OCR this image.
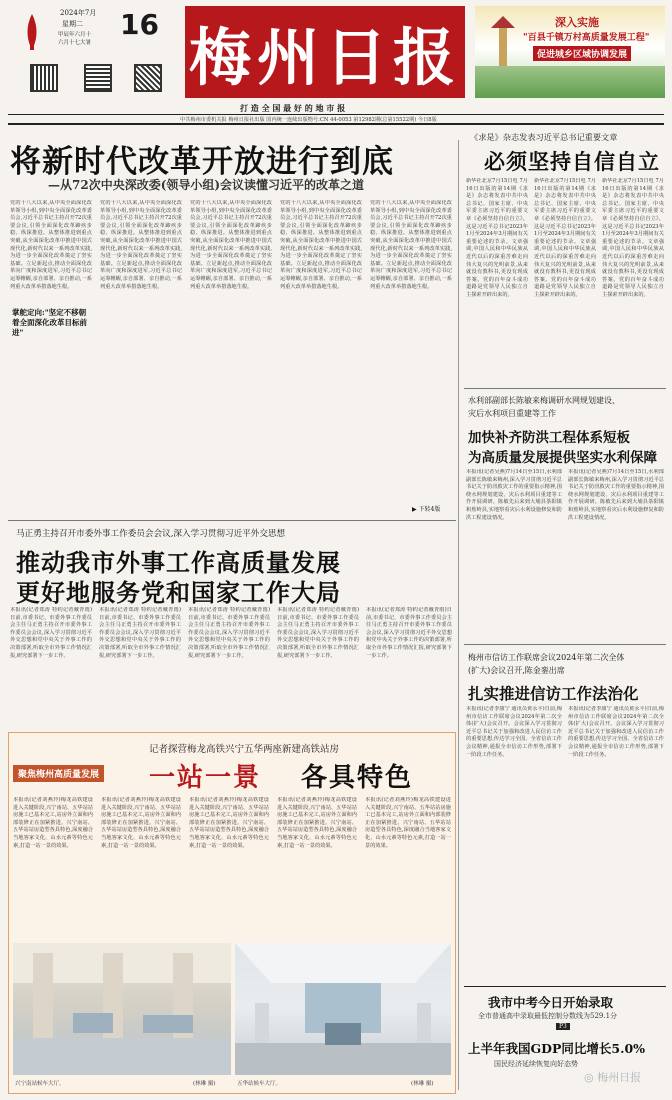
2024年7月
星期二
甲辰年六月十
六月十七大暑
16 梅州日报
打 造 全 国 最 好 的 地 市 报
深入实施
"百县千镇万村高质量发展工程"
促进城乡区域协调发展
中共梅州市委机关报 梅州日报社出版 国内统一连续出版物号:CN 44-0053 第12982期(总第15522期) 今日8版
将新时代改革开放进行到底
—从72次中央深改委(领导小组)会议读懂习近平的改革之道
党的十八大以来,从中央全面深化改革领导小组,到中央全面深化改革委员会,习近平总书记主持召开72次重要会议,引领全面深化改革蹄疾步稳、纵深推进。从整体推进到重点突破,从全面深化改革中推进中国式现代化,新时代以来一系列改革实践,为进一步全面深化改革奠定了坚实基础。立足新起点,推动全面深化改革向广度和深度进军,习近平总书记运筹帷幄,亲自部署、亲自推动,一系列重大改革举措落地生根。
掌舵定向:"坚定不移朝着全面深化改革目标前进"
党的十八大以来,从中央全面深化改革领导小组,到中央全面深化改革委员会,习近平总书记主持召开72次重要会议,引领全面深化改革蹄疾步稳、纵深推进。从整体推进到重点突破,从全面深化改革中推进中国式现代化,新时代以来一系列改革实践,为进一步全面深化改革奠定了坚实基础。立足新起点,推动全面深化改革向广度和深度进军,习近平总书记运筹帷幄,亲自部署、亲自推动,一系列重大改革举措落地生根。
党的十八大以来,从中央全面深化改革领导小组,到中央全面深化改革委员会,习近平总书记主持召开72次重要会议,引领全面深化改革蹄疾步稳、纵深推进。从整体推进到重点突破,从全面深化改革中推进中国式现代化,新时代以来一系列改革实践,为进一步全面深化改革奠定了坚实基础。立足新起点,推动全面深化改革向广度和深度进军,习近平总书记运筹帷幄,亲自部署、亲自推动,一系列重大改革举措落地生根。
党的十八大以来,从中央全面深化改革领导小组,到中央全面深化改革委员会,习近平总书记主持召开72次重要会议,引领全面深化改革蹄疾步稳、纵深推进。从整体推进到重点突破,从全面深化改革中推进中国式现代化,新时代以来一系列改革实践,为进一步全面深化改革奠定了坚实基础。立足新起点,推动全面深化改革向广度和深度进军,习近平总书记运筹帷幄,亲自部署、亲自推动,一系列重大改革举措落地生根。
党的十八大以来,从中央全面深化改革领导小组,到中央全面深化改革委员会,习近平总书记主持召开72次重要会议,引领全面深化改革蹄疾步稳、纵深推进。从整体推进到重点突破,从全面深化改革中推进中国式现代化,新时代以来一系列改革实践,为进一步全面深化改革奠定了坚实基础。立足新起点,推动全面深化改革向广度和深度进军,习近平总书记运筹帷幄,亲自部署、亲自推动,一系列重大改革举措落地生根。
▶ 下转4版
《求是》杂志发表习近平总书记重要文章
必须坚持自信自立
新华社北京7月15日电 7月16日出版的第14期《求是》杂志将发表中共中央总书记、国家主席、中央军委主席习近平的重要文章《必须坚持自信自立》。这是习近平总书记2023年1月至2024年3月期间有关重要论述的节录。文章强调,中国人民和中华民族从近代以后的深重苦难走向伟大复兴的光明前景,从来就没有教科书,更没有现成答案。党的百年奋斗成功道路是党领导人民独立自主探索开辟出来的。
新华社北京7月15日电 7月16日出版的第14期《求是》杂志将发表中共中央总书记、国家主席、中央军委主席习近平的重要文章《必须坚持自信自立》。这是习近平总书记2023年1月至2024年3月期间有关重要论述的节录。文章强调,中国人民和中华民族从近代以后的深重苦难走向伟大复兴的光明前景,从来就没有教科书,更没有现成答案。党的百年奋斗成功道路是党领导人民独立自主探索开辟出来的。
新华社北京7月15日电 7月16日出版的第14期《求是》杂志将发表中共中央总书记、国家主席、中央军委主席习近平的重要文章《必须坚持自信自立》。这是习近平总书记2023年1月至2024年3月期间有关重要论述的节录。文章强调,中国人民和中华民族从近代以后的深重苦难走向伟大复兴的光明前景,从来就没有教科书,更没有现成答案。党的百年奋斗成功道路是党领导人民独立自主探索开辟出来的。
水利部副部长陈敏来梅调研水网规划建设、
灾后水利项目重建等工作
加快补齐防洪工程体系短板
为高质量发展提供坚实水利保障
本报讯(记者吴燕)7月14日至15日,水利部副部长陈敏来梅州,深入学习贯彻习近平总书记关于防汛救灾工作的重要指示精神,围绕水网规划建设、灾后水利项目重建等工作开展调研。陈敏先后来到大埔县茶阳镇和蕉岭县,实地察看灾后水利设施修复和防洪工程建设情况。
本报讯(记者吴燕)7月14日至15日,水利部副部长陈敏来梅州,深入学习贯彻习近平总书记关于防汛救灾工作的重要指示精神,围绕水网规划建设、灾后水利项目重建等工作开展调研。陈敏先后来到大埔县茶阳镇和蕉岭县,实地察看灾后水利设施修复和防洪工程建设情况。
马正勇主持召开市委外事工作委员会会议,深入学习贯彻习近平外交思想
推动我市外事工作高质量发展
更好地服务党和国家工作大局
本报讯(记者郑涛 特约记者戴青雨)日前,市委书记、市委外事工作委员会主任马正勇主持召开市委外事工作委员会会议,深入学习贯彻习近平外交思想和党中央关于外事工作的决策部署,听取全市外事工作情况汇报,研究部署下一步工作。
本报讯(记者郑涛 特约记者戴青雨)日前,市委书记、市委外事工作委员会主任马正勇主持召开市委外事工作委员会会议,深入学习贯彻习近平外交思想和党中央关于外事工作的决策部署,听取全市外事工作情况汇报,研究部署下一步工作。
本报讯(记者郑涛 特约记者戴青雨)日前,市委书记、市委外事工作委员会主任马正勇主持召开市委外事工作委员会会议,深入学习贯彻习近平外交思想和党中央关于外事工作的决策部署,听取全市外事工作情况汇报,研究部署下一步工作。
本报讯(记者郑涛 特约记者戴青雨)日前,市委书记、市委外事工作委员会主任马正勇主持召开市委外事工作委员会会议,深入学习贯彻习近平外交思想和党中央关于外事工作的决策部署,听取全市外事工作情况汇报,研究部署下一步工作。
本报讯(记者郑涛 特约记者戴青雨)日前,市委书记、市委外事工作委员会主任马正勇主持召开市委外事工作委员会会议,深入学习贯彻习近平外交思想和党中央关于外事工作的决策部署,听取全市外事工作情况汇报,研究部署下一步工作。
聚焦梅州高质量发展
记者探营梅龙高铁兴宁五华两座新建高铁站房
一站一景 各具特色
本报讯(记者刘燕玲)梅龙高铁建设进入关键阶段,兴宁南站、五华站站房施工已基本完工,站房外立面和内部装修正在加紧推进。兴宁南站、五华站站房造型各具特色,深度融合当地客家文化、山水元素等特色元素,打造一站一景的效果。
本报讯(记者刘燕玲)梅龙高铁建设进入关键阶段,兴宁南站、五华站站房施工已基本完工,站房外立面和内部装修正在加紧推进。兴宁南站、五华站站房造型各具特色,深度融合当地客家文化、山水元素等特色元素,打造一站一景的效果。
本报讯(记者刘燕玲)梅龙高铁建设进入关键阶段,兴宁南站、五华站站房施工已基本完工,站房外立面和内部装修正在加紧推进。兴宁南站、五华站站房造型各具特色,深度融合当地客家文化、山水元素等特色元素,打造一站一景的效果。
本报讯(记者刘燕玲)梅龙高铁建设进入关键阶段,兴宁南站、五华站站房施工已基本完工,站房外立面和内部装修正在加紧推进。兴宁南站、五华站站房造型各具特色,深度融合当地客家文化、山水元素等特色元素,打造一站一景的效果。
本报讯(记者刘燕玲)梅龙高铁建设进入关键阶段,兴宁南站、五华站站房施工已基本完工,站房外立面和内部装修正在加紧推进。兴宁南站、五华站站房造型各具特色,深度融合当地客家文化、山水元素等特色元素,打造一站一景的效果。
兴宁南站候车大厅。	(林琳 摄)	五华站候车大厅。	(林琳 摄)
梅州市信访工作联席会议2024年第二次全体
(扩大)会议召开,陈金銮出席
扎实推进信访工作法治化
本报讯(记者李康宁 通讯员黄永平)日前,梅州市信访工作联席会议2024年第二次全体(扩大)会议召开。会议深入学习贯彻习近平总书记关于加强和改进人民信访工作的重要思想,传达学习全国、全省信访工作会议精神,通报全市信访工作形势,部署下一阶段工作任务。
本报讯(记者李康宁 通讯员黄永平)日前,梅州市信访工作联席会议2024年第二次全体(扩大)会议召开。会议深入学习贯彻习近平总书记关于加强和改进人民信访工作的重要思想,传达学习全国、全省信访工作会议精神,通报全市信访工作形势,部署下一阶段工作任务。
我市中考今日开始录取
全市普通高中录取最低控制分数线为529.1分
P3
上半年我国GDP同比增长5.0%
国民经济延续恢复向好态势
◎ 梅州日报
